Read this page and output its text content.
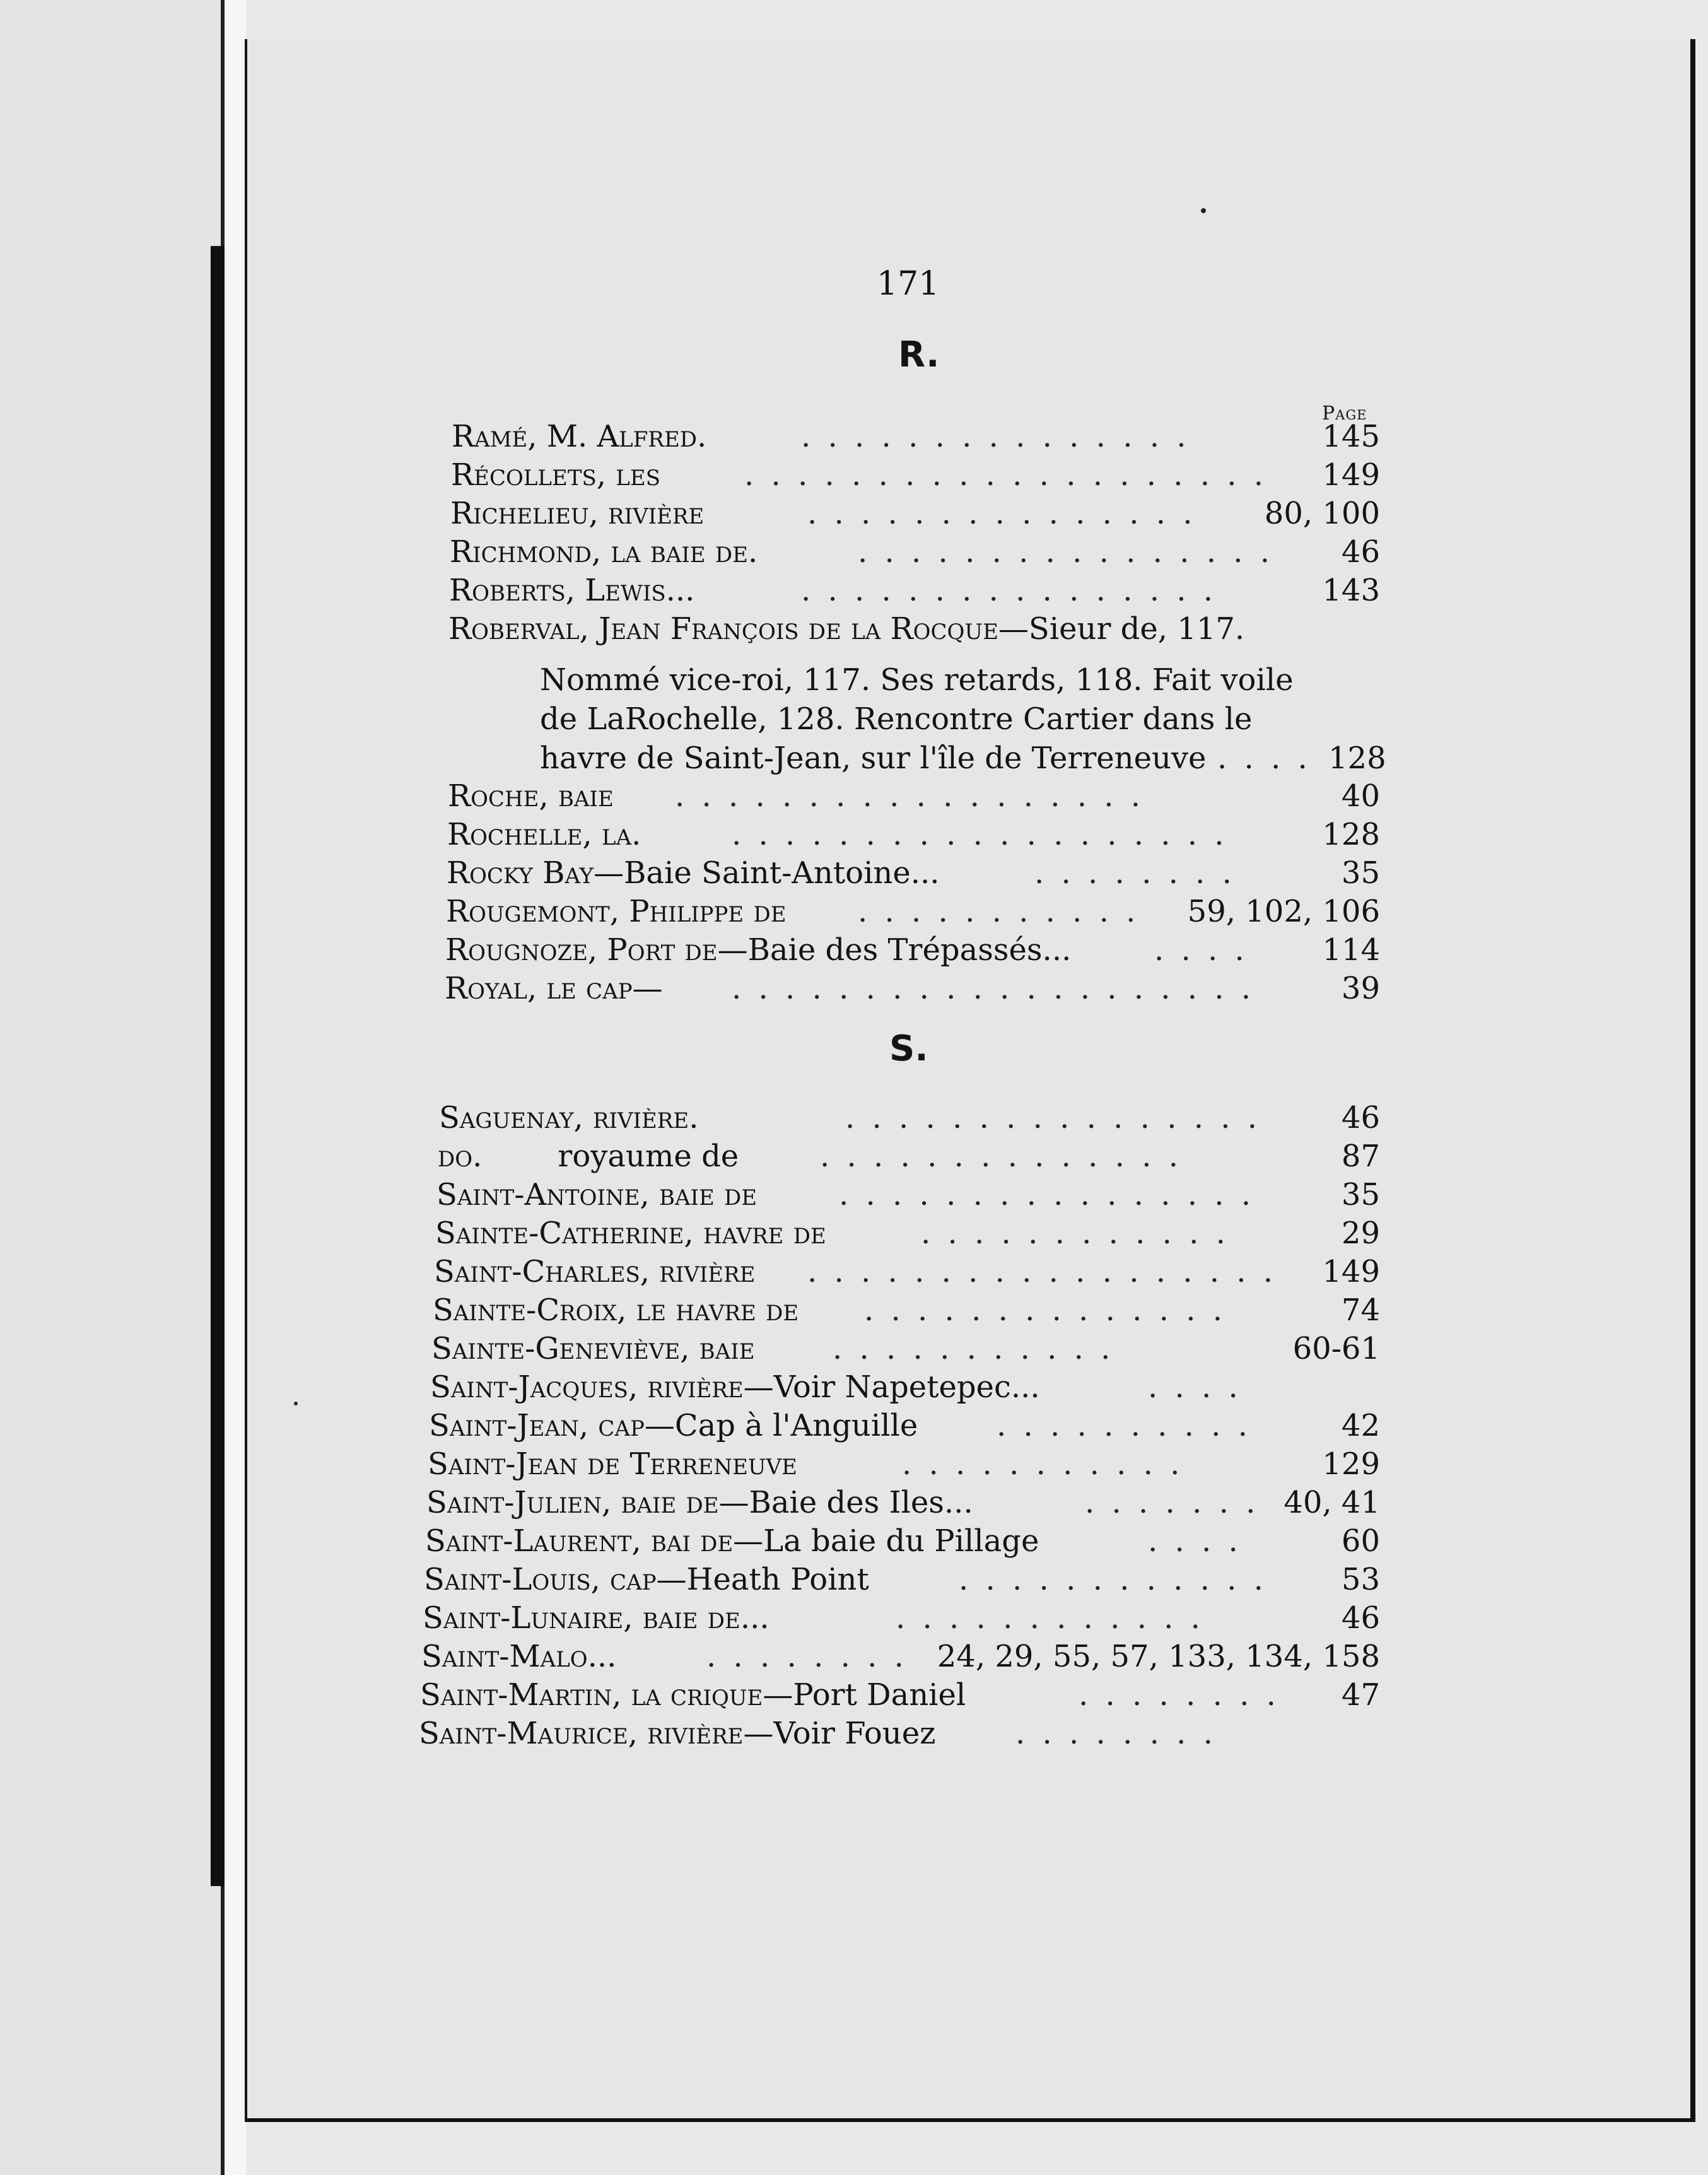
171
R.
Page
Ramé, M. Alfred.	. . . . . . . . . . . . . . .	145
Récollets, les	. . . . . . . . . . . . . . . . . . . . 149
Richelieu, rivière	. . . . . . . . . . . . . . . 80, 100
Richmond, la baie de.	. . . . . . . . . . . . . . . . 46
Roberts, Lewis...	. . . . . . . . . . . . . . . .	143
Roberval, Jean François de la Rocque—Sieur de, 117.
Nommé vice-roi, 117. Ses retards, 118. Fait voile
de LaRochelle, 128. Rencontre Cartier dans le
havre de Saint-Jean, sur l'île de Terreneuve . . . . 128
Roche, baie . . . . . . . . . . . . . . . . . .	40
Rochelle, la.	. . . . . . . . . . . . . . . . . . .	128
Rocky Bay—Baie Saint-Antoine...	. . . . . . . .	35
Rougemont, Philippe de . . . . . . . . . . . 59, 102, 106
Rougnoze, Port de—Baie des Trépassés...	. . . . 114
Royal, le cap— . . . . . . . . . . . . . . . . . . . .	39
S.
Saguenay, rivière.	. . . . . . . . . . . . . . . .	46
do.	royaume de	. . . . . . . . . . . . . .	87
Saint-Antoine, baie de	. . . . . . . . . . . . . . . .	35
Sainte-Catherine, havre de	. . . . . . . . . . . .	29
Saint-Charles, rivière . . . . . . . . . . . . . . . . . . 149
Sainte-Croix, le havre de . . . . . . . . . . . . . .	74
Sainte-Geneviève, baie	. . . . . . . . . . .	60-61
Saint-Jacques, rivière—Voir Napetepec...	. . . .
Saint-Jean, cap—Cap à l'Anguille	. . . . . . . . . .	42
Saint-Jean de Terreneuve	. . . . . . . . . . .	129
Saint-Julien, baie de—Baie des Iles...	. . . . . . . 40, 41
Saint-Laurent, bai de—La baie du Pillage	. . . .	60
Saint-Louis, cap—Heath Point	. . . . . . . . . . . . 53
Saint-Lunaire, baie de...	. . . . . . . . . . . .	46
Saint-Malo...	. . . . . . . . 24, 29, 55, 57, 133, 134, 158
Saint-Martin, la crique—Port Daniel	. . . . . . . . 47
Saint-Maurice, rivière—Voir Fouez	. . . . . . . .
